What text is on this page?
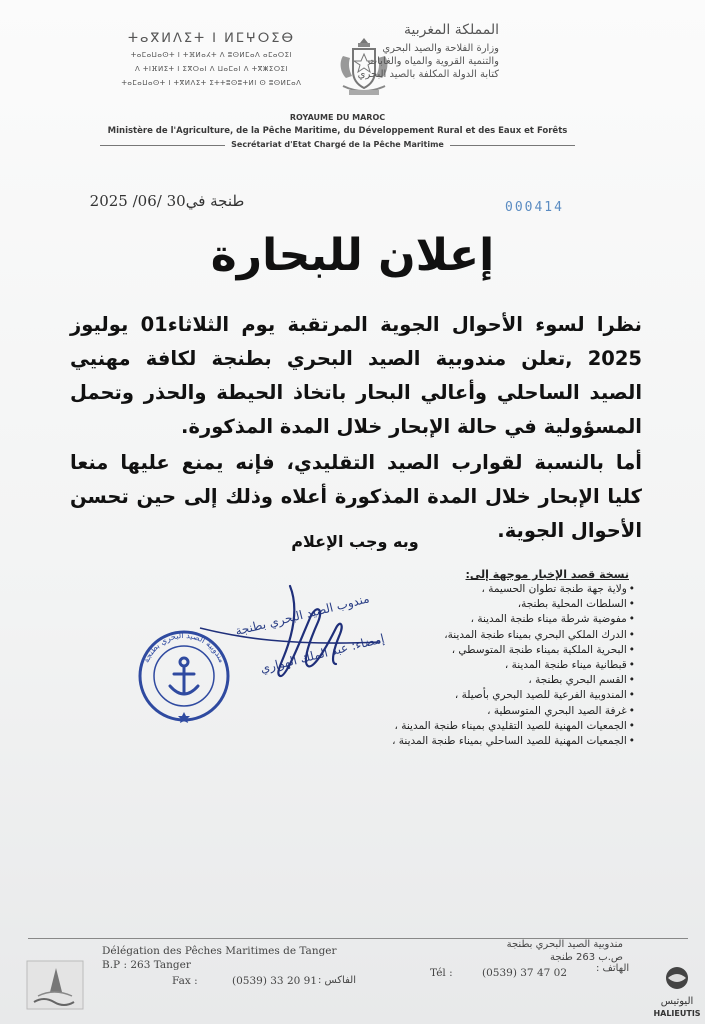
ⵜⴰⴳⵍⴷⵉⵜ ⵏ ⵍⵎⵖⵔⵉⴱ
ⵜⴰⵎⴰⵡⴰⵙⵜ ⵏ ⵜⴼⵍⴰⵃⵜ ⴷ ⵓⵙⵍⵎⴰⴷ ⴰⵎⴰⵔⵉⵏ
ⴷ ⵜⵏⴼⵍⵉⵜ ⵏ ⵉⴳⵔⴰⵏ ⴷ ⵡⴰⵎⴰⵏ ⴷ ⵜⴳⵥⵉⵔⵉⵏ
ⵜⴰⵎⴰⵡⴰⵙⵜ ⵏ ⵜⴳⵍⴷⵉⵜ ⵉⵜⵜⵓⵙⵓⵜⵍⵏ ⵙ ⵓⵙⵍⵎⴰⴷ
المملكة المغربية
وزارة الفلاحة والصيد البحري
والتنمية القروية والمياه والغابات
كتابة الدولة المكلفة بالصيد البحري
ROYAUME DU MAROC
Ministère de l'Agriculture, de la Pêche Maritime, du Développement Rural et des Eaux et Forêts
Secrétariat d'Etat Chargé de la Pêche Maritime
طنجة في30 /06/ 2025	000414
إعلان للبحارة

نظرا لسوء الأحوال الجوية المرتقبة يوم الثلاثاء01 يوليوز 2025 ,تعلن مندوبية الصيد البحري بطنجة لكافة مهنيي الصيد الساحلي وأعالي البحار باتخاذ الحيطة والحذر وتحمل المسؤولية في حالة الإبحار خلال المدة المذكورة.

أما بالنسبة لقوارب الصيد التقليدي، فإنه يمنع عليها منعا كليا الإبحار خلال المدة المذكورة أعلاه وذلك إلى حين تحسن الأحوال الجوية.

وبه وجب الإعلام
نسخة قصد الإخبار موجهة إلى:
• ولاية جهة طنجة تطوان الحسيمة ،
• السلطات المحلية بطنجة،
• مفوضية شرطة ميناء طنجة المدينة ،
• الدرك الملكي البحري بميناء طنجة المدينة،
• البحرية الملكية بميناء طنجة المتوسطي ،
• قبطانية ميناء طنجة المدينة ،
• القسم البحري بطنجة ،
• المندوبية الفرعية للصيد البحري بأصيلة ،
• غرفة الصيد البحري المتوسطية ،
• الجمعيات المهنية للصيد التقليدي بميناء طنجة المدينة ،
• الجمعيات المهنية للصيد الساحلي بميناء طنجة المدينة ،
مندوب الصيد البحري بطنجة
إمضاء: عبد الملك الهواري
مندوبية الصيد البحري بطنجة
Délégation des Pêches Maritimes de Tanger
B.P : 263 Tanger
Fax :	(0539) 33 20 91 الفاكس :
Tél :	(0539) 37 47 02	الهاتف :
مندوبية الصيد البحري بطنجة
ص.ب 263 طنجة
اليوتيس
HALIEUTIS
